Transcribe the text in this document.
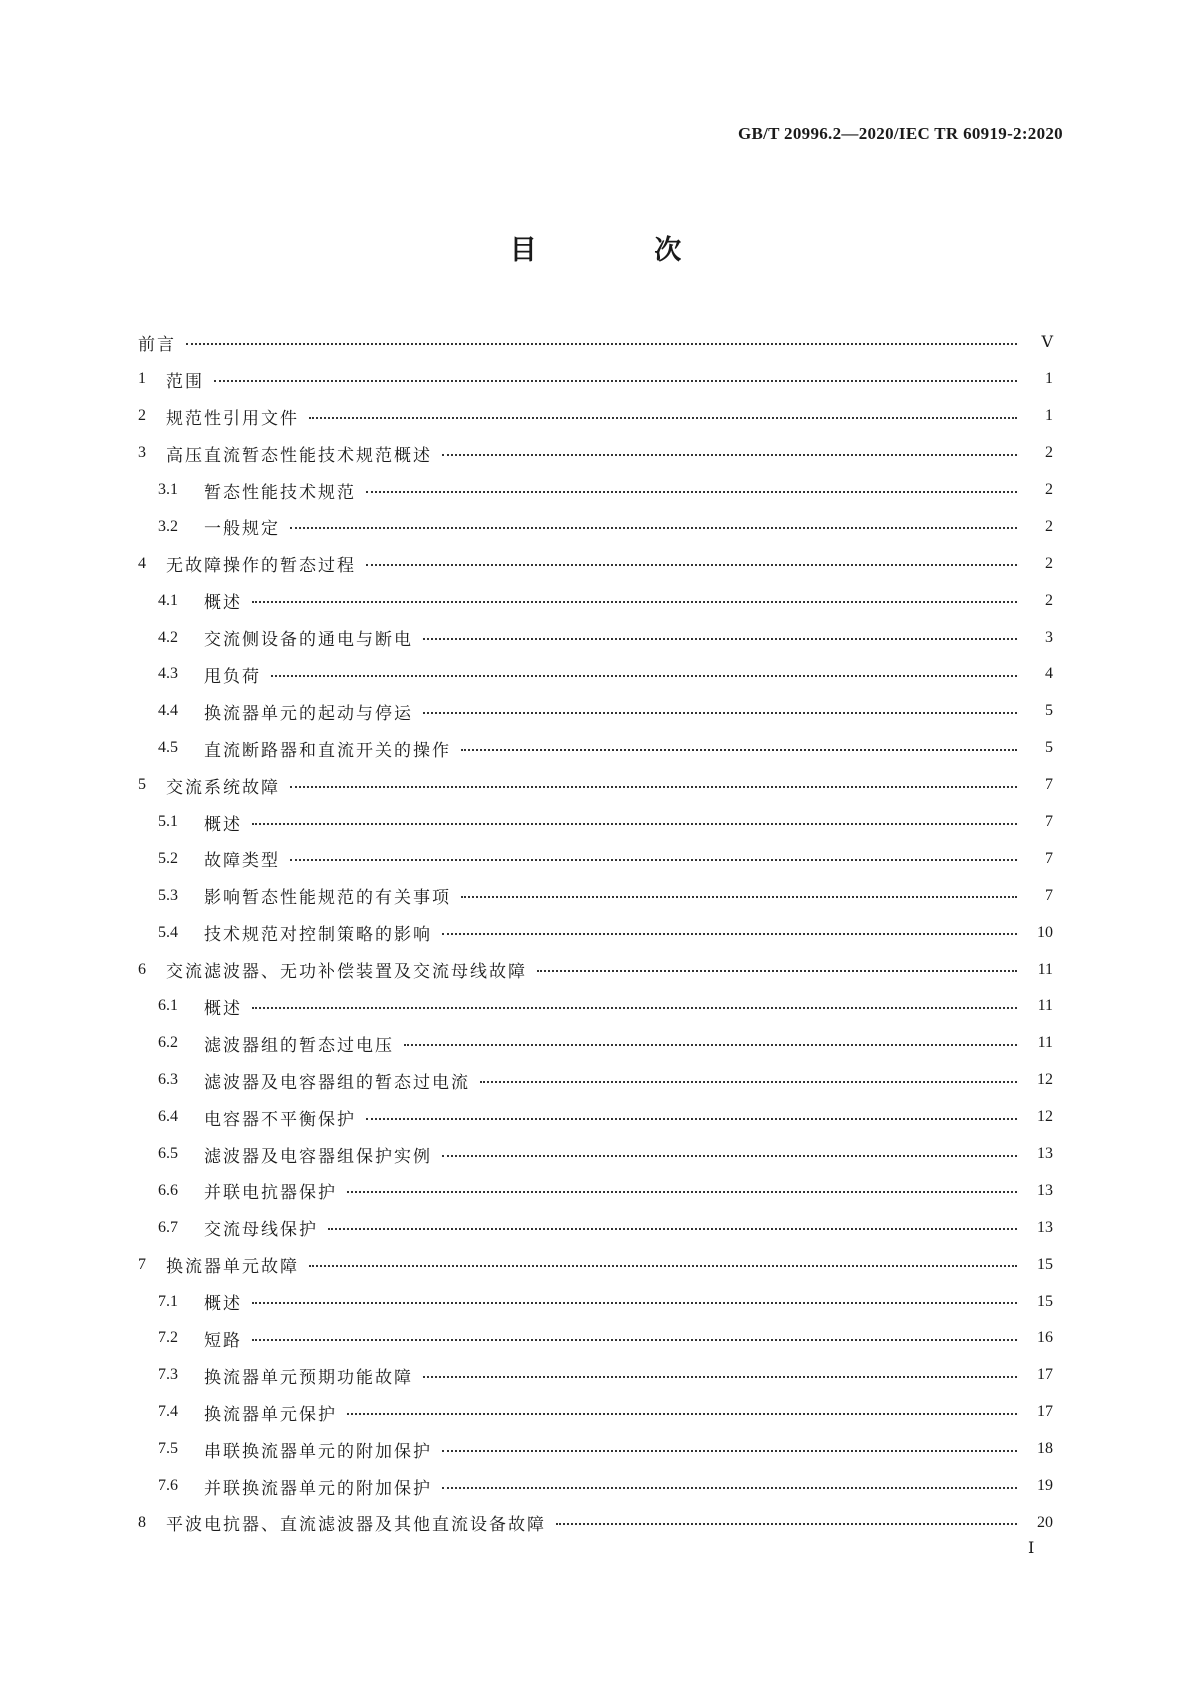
GB/T 20996.2—2020/IEC TR 60919-2:2020
目 次
前言	Ⅴ
1	范围	1
2	规范性引用文件	1
3	高压直流暂态性能技术规范概述	2
3.1	暂态性能技术规范	2
3.2	一般规定	2
4	无故障操作的暂态过程	2
4.1	概述	2
4.2	交流侧设备的通电与断电	3
4.3	甩负荷	4
4.4	换流器单元的起动与停运	5
4.5	直流断路器和直流开关的操作	5
5	交流系统故障	7
5.1	概述	7
5.2	故障类型	7
5.3	影响暂态性能规范的有关事项	7
5.4	技术规范对控制策略的影响	10
6	交流滤波器、无功补偿装置及交流母线故障	11
6.1	概述	11
6.2	滤波器组的暂态过电压	11
6.3	滤波器及电容器组的暂态过电流	12
6.4	电容器不平衡保护	12
6.5	滤波器及电容器组保护实例	13
6.6	并联电抗器保护	13
6.7	交流母线保护	13
7	换流器单元故障	15
7.1	概述	15
7.2	短路	16
7.3	换流器单元预期功能故障	17
7.4	换流器单元保护	17
7.5	串联换流器单元的附加保护	18
7.6	并联换流器单元的附加保护	19
8	平波电抗器、直流滤波器及其他直流设备故障	20
Ⅰ
